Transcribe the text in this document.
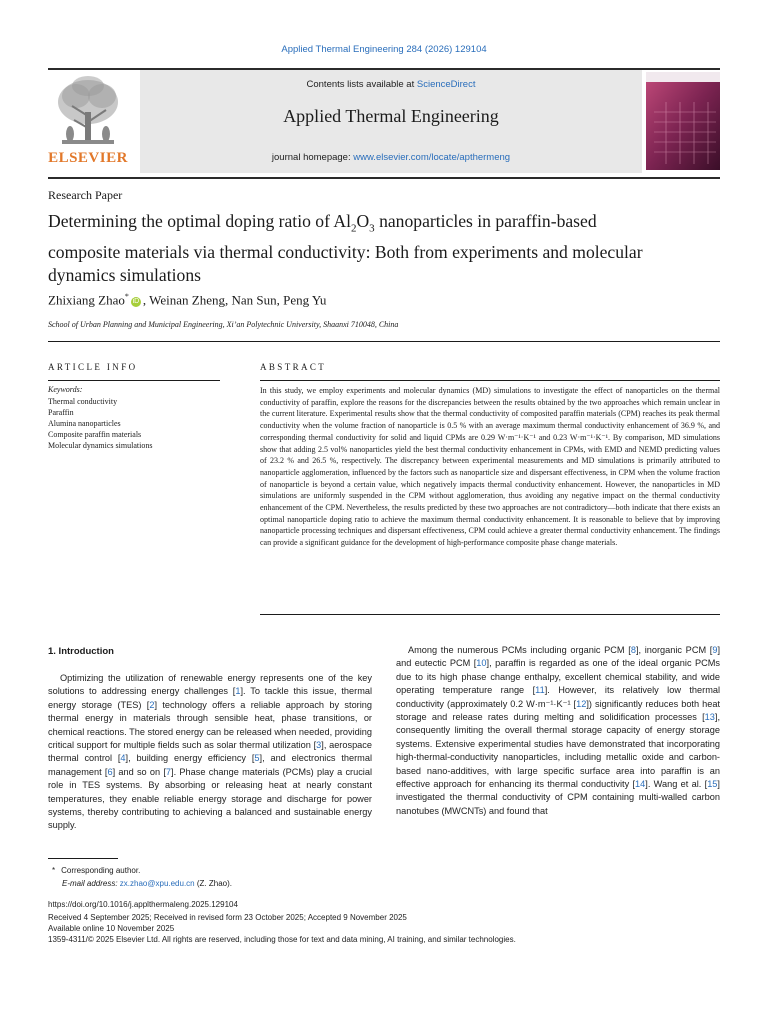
Applied Thermal Engineering 284 (2026) 129104
ELSEVIER
Contents lists available at ScienceDirect
Applied Thermal Engineering
journal homepage: www.elsevier.com/locate/apthermeng
Research Paper
Determining the optimal doping ratio of $Al_2O_3$ nanoparticles in paraffin-based composite materials via thermal conductivity: Both from experiments and molecular dynamics simulations
Zhixiang Zhao*iD , Weinan Zheng, Nan Sun, Peng Yu
School of Urban Planning and Municipal Engineering, Xi’an Polytechnic University, Shaanxi 710048, China
ARTICLE INFO
Keywords:
Thermal conductivity
Paraffin
Alumina nanoparticles
Composite paraffin materials
Molecular dynamics simulations
ABSTRACT

In this study, we employ experiments and molecular dynamics (MD) simulations to investigate the effect of nanoparticles on the thermal conductivity of paraffin, explore the reasons for the discrepancies between the results obtained by the two approaches which remain unclear in the current literature. Experimental results show that the thermal conductivity of composited paraffin materials (CPM) reaches its peak thermal conductivity when the volume fraction of nanoparticle is 0.5 % with an average maximum thermal conductivity enhancement of 36.9 %, and corresponding thermal conductivity for solid and liquid CPMs are 0.29 W·m⁻¹·K⁻¹ and 0.23 W·m⁻¹·K⁻¹. By comparison, MD simulations show that adding 2.5 vol% nanoparticles yield the best thermal conductivity enhancement in CPMs, with EMD and NEMD predicting values of 23.2 % and 26.5 %, respectively. The discrepancy between experimental measurements and MD simulations is primarily attributed to nanoparticle agglomeration, influenced by the factors such as nanoparticle size and dispersant effectiveness, in CPM when the volume fraction of nanoparticle is beyond a certain value, which negatively impacts thermal conductivity enhancement. However, the nanoparticles in MD simulations are uniformly suspended in the CPM without agglomeration, thus avoiding any negative impact on the thermal conductivity enhancement of the CPM. Nevertheless, the results predicted by these two approaches are not contradictory—both indicate that there exists an optimal nanoparticle doping ratio to achieve the maximum thermal conductivity enhancement. It is reasonable to believe that by improving nanoparticle processing techniques and dispersant effectiveness, CPM could achieve a greater thermal conductivity enhancement. The findings can provide a significant guidance for the development of high-performance composite phase change materials.

1. Introduction

Optimizing the utilization of renewable energy represents one of the key solutions to addressing energy challenges [1]. To tackle this issue, thermal energy storage (TES) [2] technology offers a reliable approach by storing thermal energy in materials through sensible heat, phase transitions, or chemical reactions. The stored energy can be released when needed, providing critical support for multiple fields such as solar thermal utilization [3], aerospace thermal control [4], building energy efficiency [5], and electronics thermal management [6] and so on [7]. Phase change materials (PCMs) play a crucial role in TES systems. By absorbing or releasing heat at nearly constant temperatures, they enable reliable energy storage and discharge for power systems, thereby contributing to achieving a balanced and sustainable energy supply.

Among the numerous PCMs including organic PCM [8], inorganic PCM [9] and eutectic PCM [10], paraffin is regarded as one of the ideal organic PCMs due to its high phase change enthalpy, excellent chemical stability, and wide operating temperature range [11]. However, its relatively low thermal conductivity (approximately 0.2 W·m⁻¹·K⁻¹ [12]) significantly reduces both heat storage and release rates during melting and solidification processes [13], consequently limiting the overall thermal storage capacity of energy storage systems. Extensive experimental studies have demonstrated that incorporating high-thermal-conductivity nanoparticles, including metallic oxide and carbon-based nano-additives, with large specific surface area into paraffin is an effective approach for enhancing its thermal conductivity [14]. Wang et al. [15] investigated the thermal conductivity of CPM containing multi-walled carbon nanotubes (MWCNTs) and found that

* Corresponding author.
E-mail address: zx.zhao@xpu.edu.cn (Z. Zhao).
https://doi.org/10.1016/j.applthermaleng.2025.129104
Received 4 September 2025; Received in revised form 23 October 2025; Accepted 9 November 2025
Available online 10 November 2025
1359-4311/© 2025 Elsevier Ltd. All rights are reserved, including those for text and data mining, AI training, and similar technologies.
